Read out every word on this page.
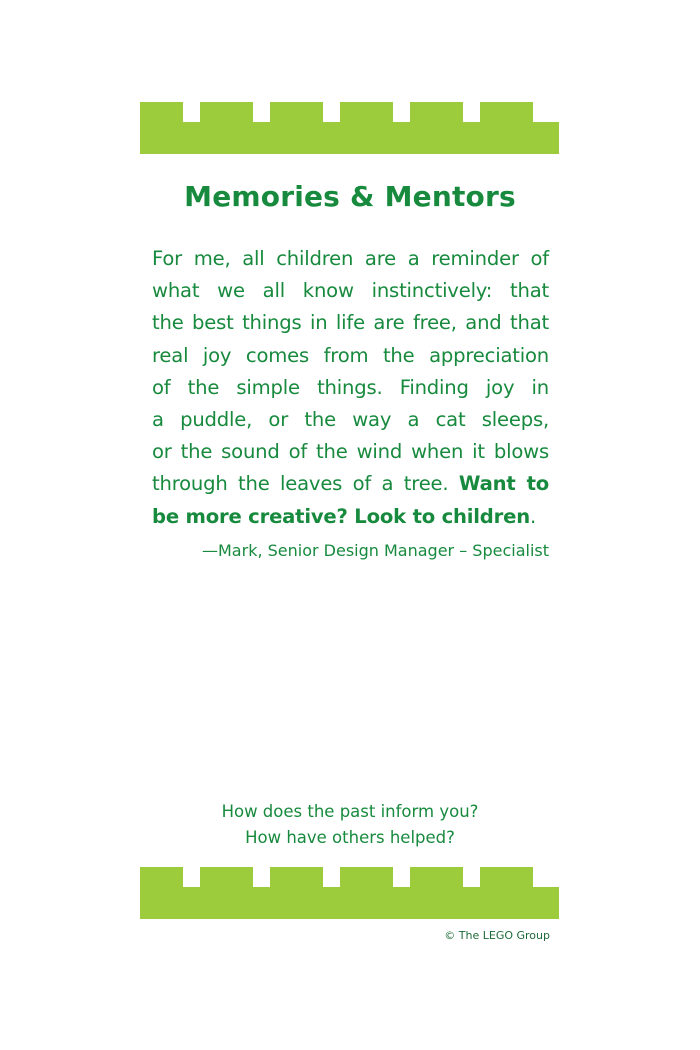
Memories & Mentors

For me, all children are a reminder of
what we all know instinctively: that
the best things in life are free, and that
real joy comes from the appreciation
of the simple things. Finding joy in
a puddle, or the way a cat sleeps,
or the sound of the wind when it blows
through the leaves of a tree. Want to
be more creative? Look to children.

—Mark, Senior Design Manager – Specialist
How does the past inform you?
How have others helped?
© The LEGO Group
